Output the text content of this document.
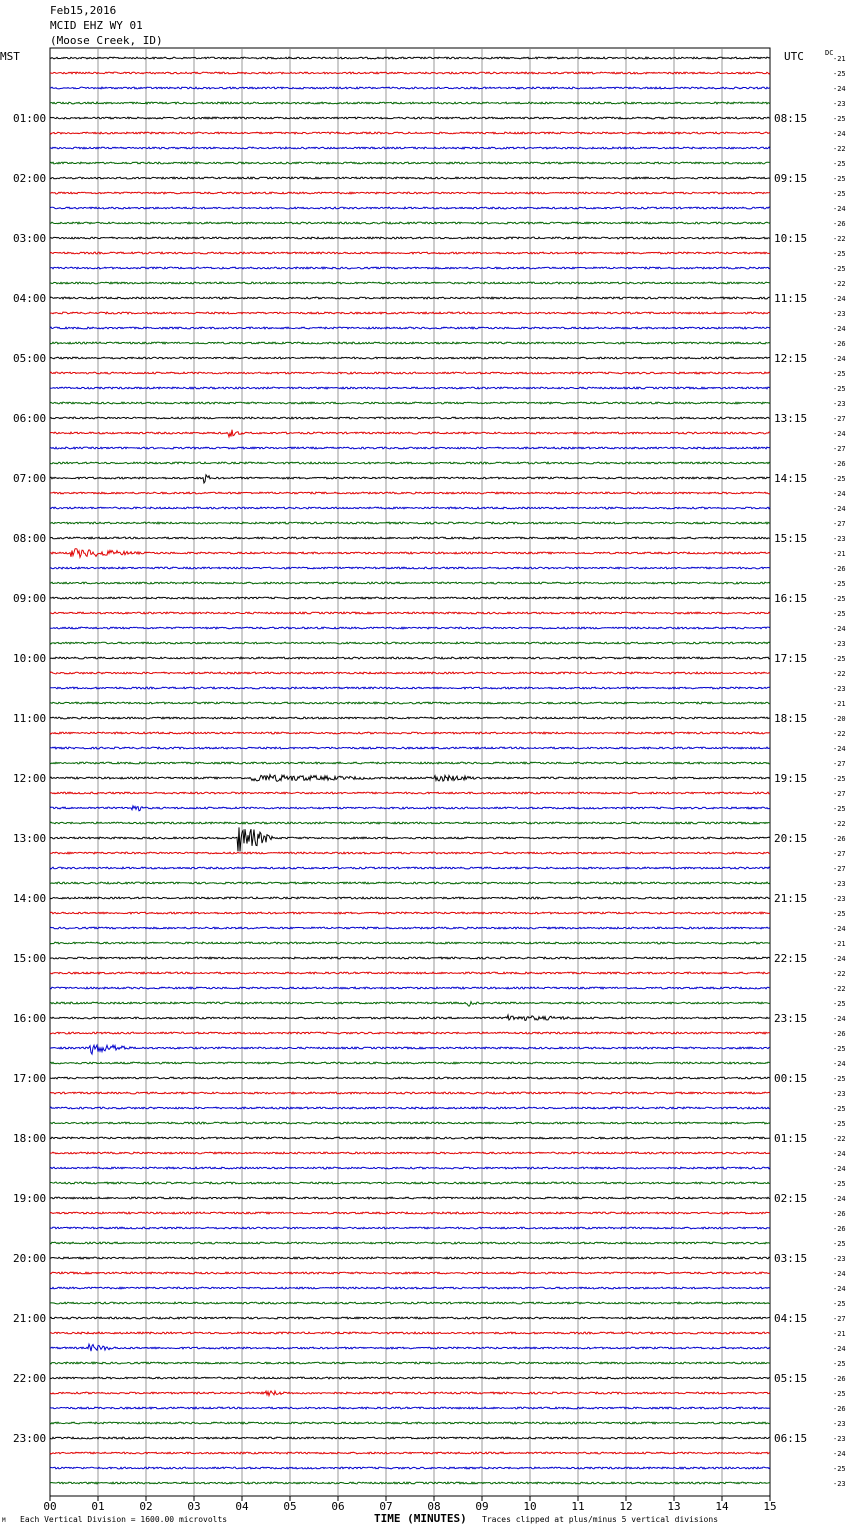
Feb15,2016
MCID EHZ WY 01
(Moose Creek, ID)
MST	UTC	DC
00	01	02	03	04	05	06	07	08	09	10	11	12	13	14	15
-21
-25
-24
-23
-25
-24
-22
-25
-25
-25
-24
-26
-22
-25
-25
-22
-24
-23
-24
-26
-24
-25
-25
-23
-27
-24
-27
-26
-25
-24
-24
-27
-23
-21
-26
-25
-25
-25
-24
-23
-25
-22
-23
-21
-20
-22
-24
-27
-25
-27
-25
-22
-26
-27
-27
-23
-23
-25
-24
-21
-24
-22
-22
-25
-24
-26
-25
-24
-25
-23
-25
-25
-22
-24
-24
-25
-24
-26
-26
-25
-23
-24
-24
-25
-27
-21
-24
-25
-26
-25
-26
-23
-23
-24
-25
-23
01:00
02:00
03:00
04:00
05:00
06:00
07:00
08:00
09:00
10:00
11:00
12:00
13:00
14:00
15:00
16:00
17:00
18:00
19:00
20:00
21:00
22:00
23:00
08:15
09:15
10:15
11:15
12:15
13:15
14:15
15:15
16:15
17:15
18:15
19:15
20:15
21:15
22:15
23:15
00:15
01:15
02:15
03:15
04:15
05:15
06:15
M Each Vertical Division = 1600.00 microvolts	TIME (MINUTES) Traces clipped at plus/minus 5 vertical divisions
